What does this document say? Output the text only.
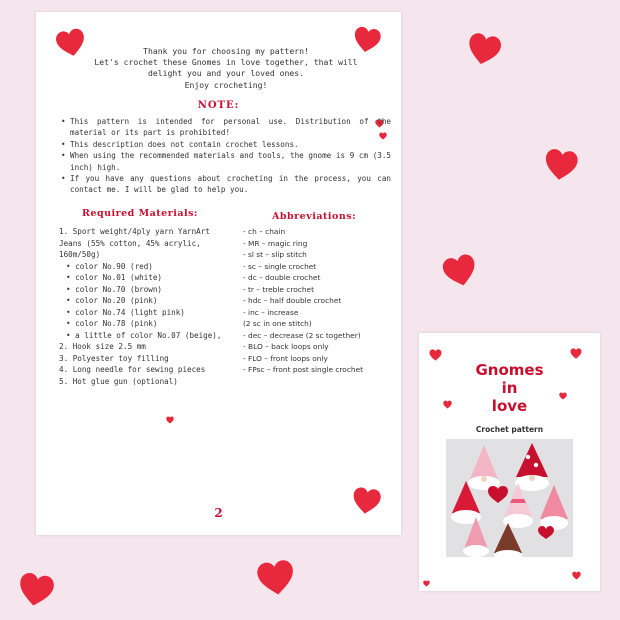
Thank you for choosing my pattern!
Let's crochet these Gnomes in love together, that will
delight you and your loved ones.
Enjoy crocheting!
NOTE:
• This pattern is intended for personal use. Distribution of the material or its part is prohibited!
• This description does not contain crochet lessons.
• When using the recommended materials and tools, the gnome is 9 cm (3.5 inch) high.
• If you have any questions about crocheting in the process, you can contact me. I will be glad to help you.
Required Materials:	Abbreviations:
1. Sport weight/4ply yarn YarnArt
Jeans (55% cotton, 45% acrylic,
160m/50g)
• color No.90 (red)
• color No.01 (white)
• color No.70 (brown)
• color No.20 (pink)
• color No.74 (light pink)
• color No.78 (pink)
• a little of color No.07 (beige),
2. Hook size 2.5 mm
3. Polyester toy filling
4. Long needle for sewing pieces
5. Hot glue gun (optional)
- ch – chain
- MR – magic ring
- sl st – slip stitch
- sc – single crochet
- dc – double crochet
- tr – treble crochet
- hdc – half double crochet
- inc – increase
(2 sc in one stitch)
- dec – decrease (2 sc together)
- BLO – back loops only
- FLO – front loops only
- FPsc – front post single crochet
2
Gnomes
in
love
Crochet pattern
